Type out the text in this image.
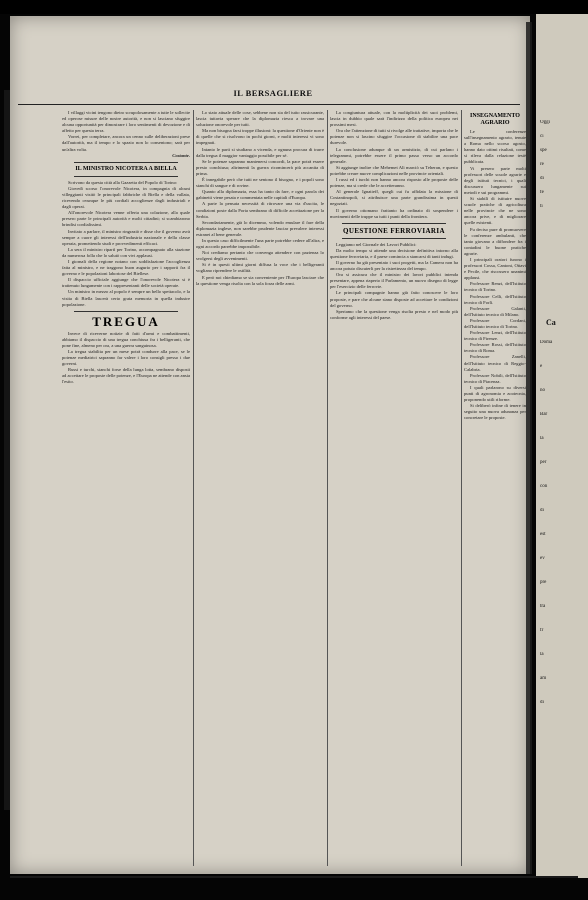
IL BERSAGLIERE

I villaggi vicini tengono dietro scrupolosamente a tutte le sollecite ed operose misure delle nostre autorità, e non si lasciano sfuggire alcuna opportunità per dimostrare i loro sentimenti di devozione e di affetto per questa terra.

Vorrei, per completare, ancora un cenno sulle deliberazioni prese dall'autorità, ma il tempo e lo spazio non lo consentono; sarà per un'altra volta.

Costante.

IL MINISTRO NICOTERA A BIELLA

Scrivono da questa città alla Gazzetta del Popolo di Torino:

Giovedì scorso l'onorevole Nicotera, in compagnia di alcuni villeggianti visitò le principali fabbriche di Biella e della vallata, ricevendo ovunque le più cordiali accoglienze dagli industriali e dagli operai.

All'onorevole Nicotera venne offerta una colazione, alla quale presero parte le principali autorità e molti cittadini; si scambiarono brindisi cordialissimi.

Invitato a parlare, il ministro ringraziò e disse che il governo avrà sempre a cuore gli interessi dell'industria nazionale e della classe operaia, promettendo studi e provvedimenti efficaci.

La sera il ministro ripartì per Torino, accompagnato alla stazione da numerosa folla che lo salutò con vivi applausi.

I giornali della regione notano con soddisfazione l'accoglienza fatta al ministro, e ne traggono buon augurio per i rapporti fra il governo e le popolazioni laboriose del Biellese.

Il dispaccio ufficiale aggiunge che l'onorevole Nicotera si è trattenuto lungamente con i rappresentanti delle società operaie.

Un ministro in mezzo al popolo è sempre un bello spettacolo, e la visita di Biella lascerà certo grata memoria in quella industre popolazione.

TREGUA

Invece di riceverne notizie di fatti d'armi e combattimenti, abbiamo il dispaccio di una tregua conchiusa fra i belligeranti, che pone fine, almeno per ora, a una guerra sanguinosa.

La tregua stabilita per un mese potrà condurre alla pace, se le potenze mediatrici sapranno far valere i loro consigli presso i due governi.

Russi e turchi, stanchi forse della lunga lotta, sembrano disposti ad accettare le proposte delle potenze, e l'Europa ne attende con ansia l'esito.

Lo stato attuale delle cose, sebbene non sia del tutto rassicurante, lascia tuttavia sperare che la diplomazia riesca a trovare una soluzione onorevole per tutti.

Ma non bisogna farsi troppe illusioni: la questione d'Oriente non è di quelle che si risolvono in pochi giorni, e molti interessi vi sono impegnati.

Intanto le parti si studiano a vicenda, e ognuna procura di trarre dalla tregua il maggior vantaggio possibile per sé.

Se le potenze sapranno mantenersi concordi, la pace potrà essere presto conchiusa; altrimenti la guerra ricomincerà più accanita di prima.

È innegabile però che tutti ne sentono il bisogno, e i popoli sono stanchi di sangue e di rovine.

Quanto alla diplomazia, essa ha tanto da fare, e ogni parola dei gabinetti viene pesata e commentata nelle capitali d'Europa.

A parte la pensata necessità di ritrovare una via d'uscita, le condizioni poste dalla Porta sembrano di difficile accettazione per la Serbia.

Secondariamente, già lo dicemmo, volendo emulare il fare della diplomazia inglese, non sarebbe prudente lasciar prevalere interessi estranei al bene generale.

In questo caso difficilmente l'una parte potrebbe cedere all'altra, e ogni accordo parrebbe impossibile.

Noi crediamo pertanto che convenga attendere con pazienza lo svolgersi degli avvenimenti.

Si è in questi ultimi giorni diffusa la voce che i belligeranti vogliano riprendere le ostilità.

E però noi chiediamo se sia conveniente per l'Europa lasciare che la questione venga risolta con la sola forza delle armi.

La congiuntura attuale, con la moltiplicità dei suoi problemi, lascia in dubbio quale sarà l'indirizzo della politica europea nei prossimi mesi.

Ora che l'attenzione di tutti si rivolge alle trattative, importa che le potenze non si lascino sfuggire l'occasione di stabilire una pace durevole.

La conclusione adunque di un armistizio, di cui parlano i telegrammi, potrebbe essere il primo passo verso un accordo generale.

Si aggiunge inoltre che Mehemet Alì marciò su Teheran, e questo potrebbe creare nuove complicazioni nelle provincie orientali.

I russi ed i turchi non hanno ancora risposto alle proposte delle potenze, ma si crede che le accetteranno.

Al generale Ignatieff, quegli cui fu affidata la missione di Costantinopoli, si attribuisce una parte grandissima in questi negoziati.

Il governo ottomano frattanto ha ordinato di sospendere i movimenti delle truppe su tutti i punti della frontiera.

QUESTIONE FERROVIARIA

Leggiamo nel Giornale dei Lavori Pubblici:

Da molto tempo si attende una decisione definitiva intorno alla questione ferroviaria, e il paese comincia a stancarsi di tanti indugi.

Il governo ha già presentato i suoi progetti, ma la Camera non ha ancora potuto discuterli per la ristrettezza del tempo.

Ora si assicura che il ministro dei lavori pubblici intenda presentare, appena riaperto il Parlamento, un nuovo disegno di legge per l'esercizio delle ferrovie.

Le principali compagnie hanno già fatto conoscere le loro proposte, e pare che alcune siano disposte ad accettare le condizioni del governo.

Speriamo che la questione venga risolta presto e nel modo più conforme agli interessi del paese.

INSEGNAMENTO AGRARIO

Le conferenze sull'insegnamento agrario, tenute a Roma nello scorso agosto, hanno dato ottimi risultati, come si rileva dalla relazione testè pubblicata.

Vi presero parte molti professori delle scuole agrarie e degli istituti tecnici, i quali discussero lungamente sui metodi e sui programmi.

Si stabilì di istituire nuove scuole pratiche di agricoltura nelle provincie che ne sono ancora prive, e di migliorare quelle esistenti.

Fu deciso pure di promuovere le conferenze ambulanti, che tanto giovano a diffondere fra i contadini le buone pratiche agrarie.

I principali oratori furono i professori Cossa, Cantoni, Ottavi e Pecile, che riscossero unanimi applausi.

Professore Renzi, dell'Istituto tecnico di Torino.

Professore Celli, dell'Istituto tecnico di Forlì.

Professore Galanti, dell'Istituto tecnico di Milano.

Professore Cordani, dell'Istituto tecnico di Torino.

Professore Lenzi, dell'Istituto tecnico di Firenze.

Professore Rossi, dell'Istituto tecnico di Roma.

Professore Zanelli, dell'Istituto tecnico di Reggio-Calabria.

Professore Nobili, dell'Istituto tecnico di Piacenza.

I quali parlarono su diversi punti di agronomia e zootecnia, proponendo utili riforme.

Si deliberò infine di tenere in seguito una nuova adunanza per concretare le proposte.

Ca
Oggi
ci
spe
re
di
fe
ti
Doma
e
no
Bar
la
per
con
di
est
ev
pre
tra
fr
la
am
di
